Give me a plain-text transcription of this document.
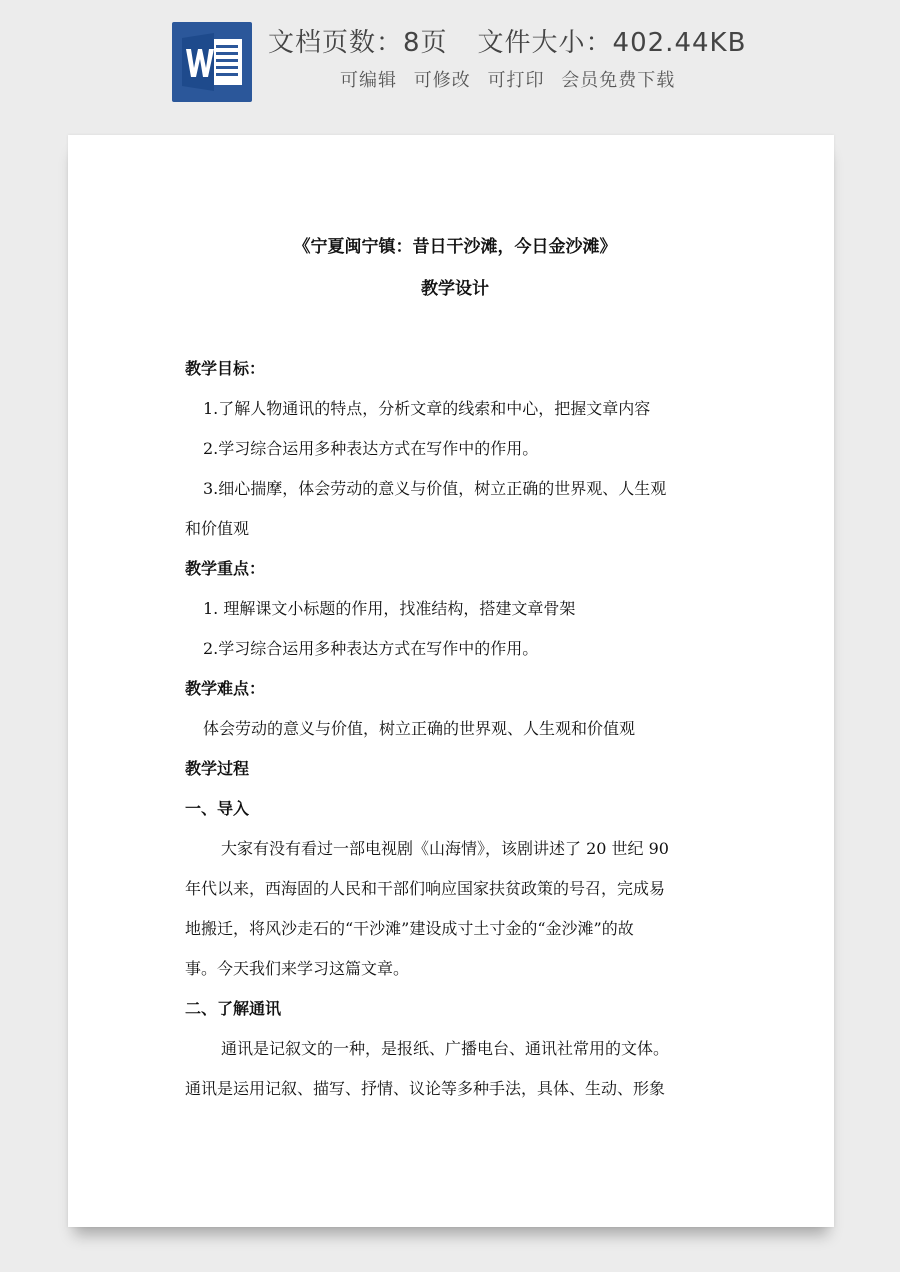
文档页数：8页 文件大小：402.44KB
可编辑 可修改 可打印 会员免费下载
《宁夏闽宁镇：昔日干沙滩，今日金沙滩》
教学设计
教学目标：
1.了解人物通讯的特点，分析文章的线索和中心，把握文章内容
2.学习综合运用多种表达方式在写作中的作用。
3.细心揣摩，体会劳动的意义与价值，树立正确的世界观、人生观
和价值观
教学重点：
1. 理解课文小标题的作用，找准结构，搭建文章骨架
2.学习综合运用多种表达方式在写作中的作用。
教学难点：
体会劳动的意义与价值，树立正确的世界观、人生观和价值观
教学过程
一、导入
大家有没有看过一部电视剧《山海情》，该剧讲述了 20 世纪 90
年代以来，西海固的人民和干部们响应国家扶贫政策的号召，完成易
地搬迁，将风沙走石的“干沙滩”建设成寸土寸金的“金沙滩”的故
事。今天我们来学习这篇文章。
二、了解通讯
通讯是记叙文的一种，是报纸、广播电台、通讯社常用的文体。
通讯是运用记叙、描写、抒情、议论等多种手法，具体、生动、形象
